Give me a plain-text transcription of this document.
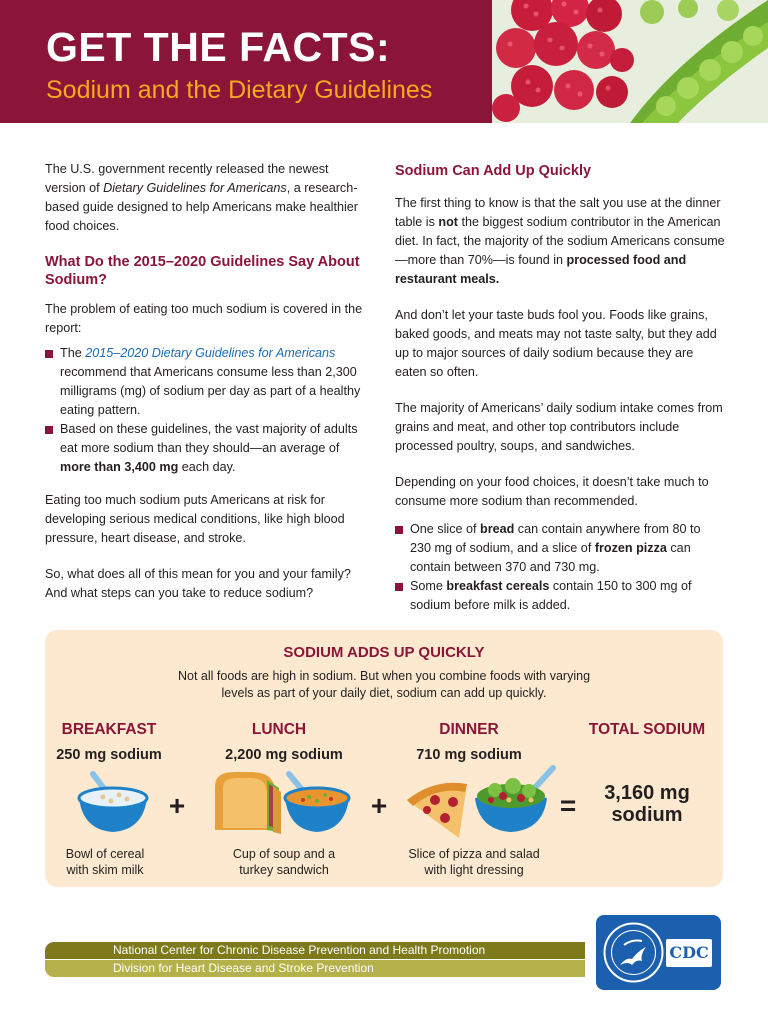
GET THE FACTS:
Sodium and the Dietary Guidelines

The U.S. government recently released the newest version of Dietary Guidelines for Americans, a research-based guide designed to help Americans make healthier food choices.

What Do the 2015–2020 Guidelines Say About Sodium?

The problem of eating too much sodium is covered in the report:

The 2015–2020 Dietary Guidelines for Americans recommend that Americans consume less than 2,300 milligrams (mg) of sodium per day as part of a healthy eating pattern.
Based on these guidelines, the vast majority of adults eat more sodium than they should—an average of more than 3,400 mg each day.

Eating too much sodium puts Americans at risk for developing serious medical conditions, like high blood pressure, heart disease, and stroke.

So, what does all of this mean for you and your family? And what steps can you take to reduce sodium?

Sodium Can Add Up Quickly

The first thing to know is that the salt you use at the dinner table is not the biggest sodium contributor in the American diet. In fact, the majority of the sodium Americans consume—more than 70%—is found in processed food and restaurant meals.

And don’t let your taste buds fool you. Foods like grains, baked goods, and meats may not taste salty, but they add up to major sources of daily sodium because they are eaten so often.

The majority of Americans’ daily sodium intake comes from grains and meat, and other top contributors include processed poultry, soups, and sandwiches.

Depending on your food choices, it doesn’t take much to consume more sodium than recommended.

One slice of bread can contain anywhere from 80 to 230 mg of sodium, and a slice of frozen pizza can contain between 370 and 730 mg.
Some breakfast cereals contain 150 to 300 mg of sodium before milk is added.
SODIUM ADDS UP QUICKLY
Not all foods are high in sodium. But when you combine foods with varying levels as part of your daily diet, sodium can add up quickly.
BREAKFAST	LUNCH	DINNER	TOTAL SODIUM
250 mg sodium	2,200 mg sodium	710 mg sodium
+	+	=	3,160 mg
sodium
Bowl of cereal
with skim milk
Cup of soup and a
turkey sandwich
Slice of pizza and salad
with light dressing
National Center for Chronic Disease Prevention and Health Promotion
Division for Heart Disease and Stroke Prevention
CDC
